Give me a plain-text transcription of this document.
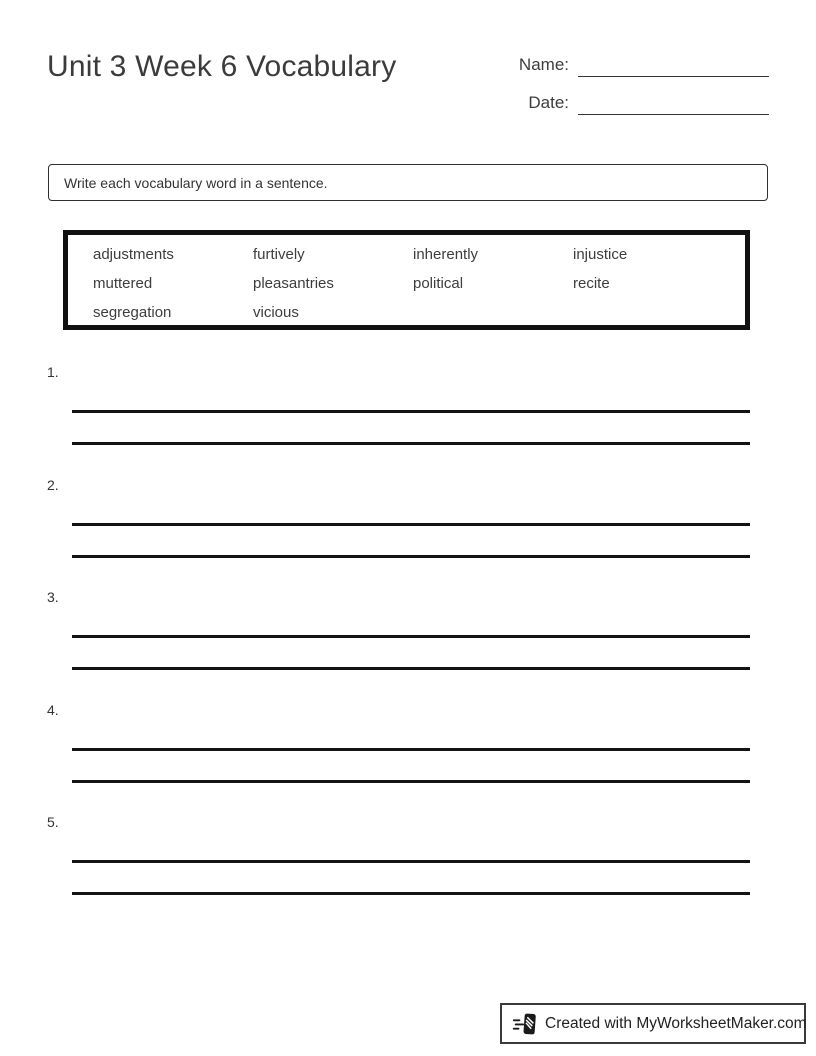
Unit 3 Week 6 Vocabulary	Name:
Date:
Write each vocabulary word in a sentence.
adjustments	furtively	inherently	injustice
muttered	pleasantries	political	recite
segregation	vicious
1.
2.
3.
4.
5.
Created with MyWorksheetMaker.com
